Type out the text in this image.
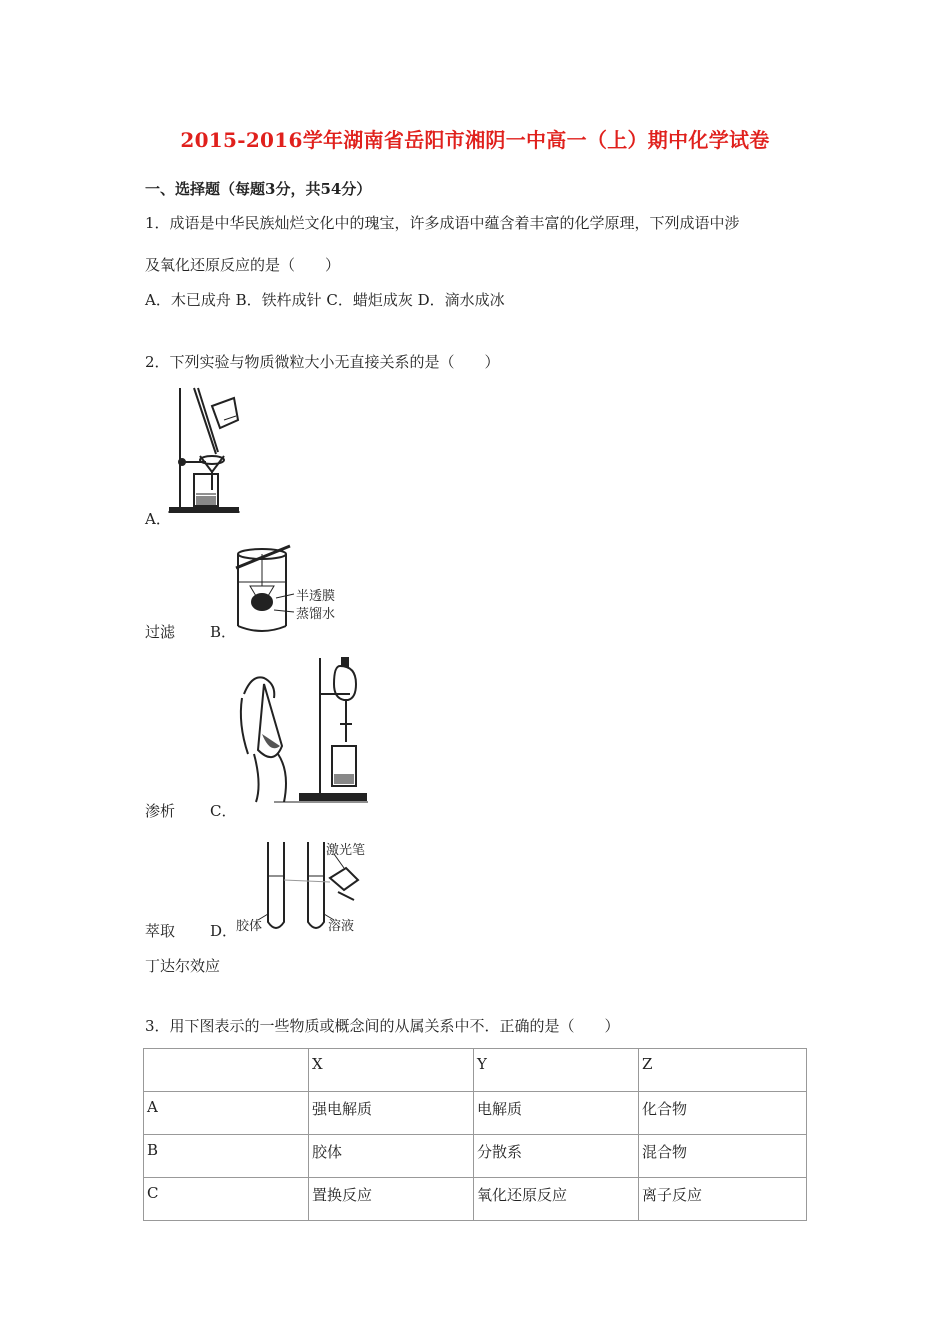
2015-2016学年湖南省岳阳市湘阴一中高一（上）期中化学试卷
一、选择题（每题3分，共54分）
1．成语是中华民族灿烂文化中的瑰宝，许多成语中蕴含着丰富的化学原理，下列成语中涉
及氧化还原反应的是（　　）
A．木已成舟 B．铁杵成针 C．蜡炬成灰 D．滴水成冰
2．下列实验与物质微粒大小无直接关系的是（　　）
A．
半透膜
蒸馏水
过滤 B．
渗析 C．
激光笔
胶体	溶液
萃取 D．
丁达尔效应
3．用下图表示的一些物质或概念间的从属关系中不．正确的是（　　）
	X	Y	Z
A	强电解质	电解质	化合物
B	胶体	分散系	混合物
C	置换反应	氧化还原反应	离子反应
